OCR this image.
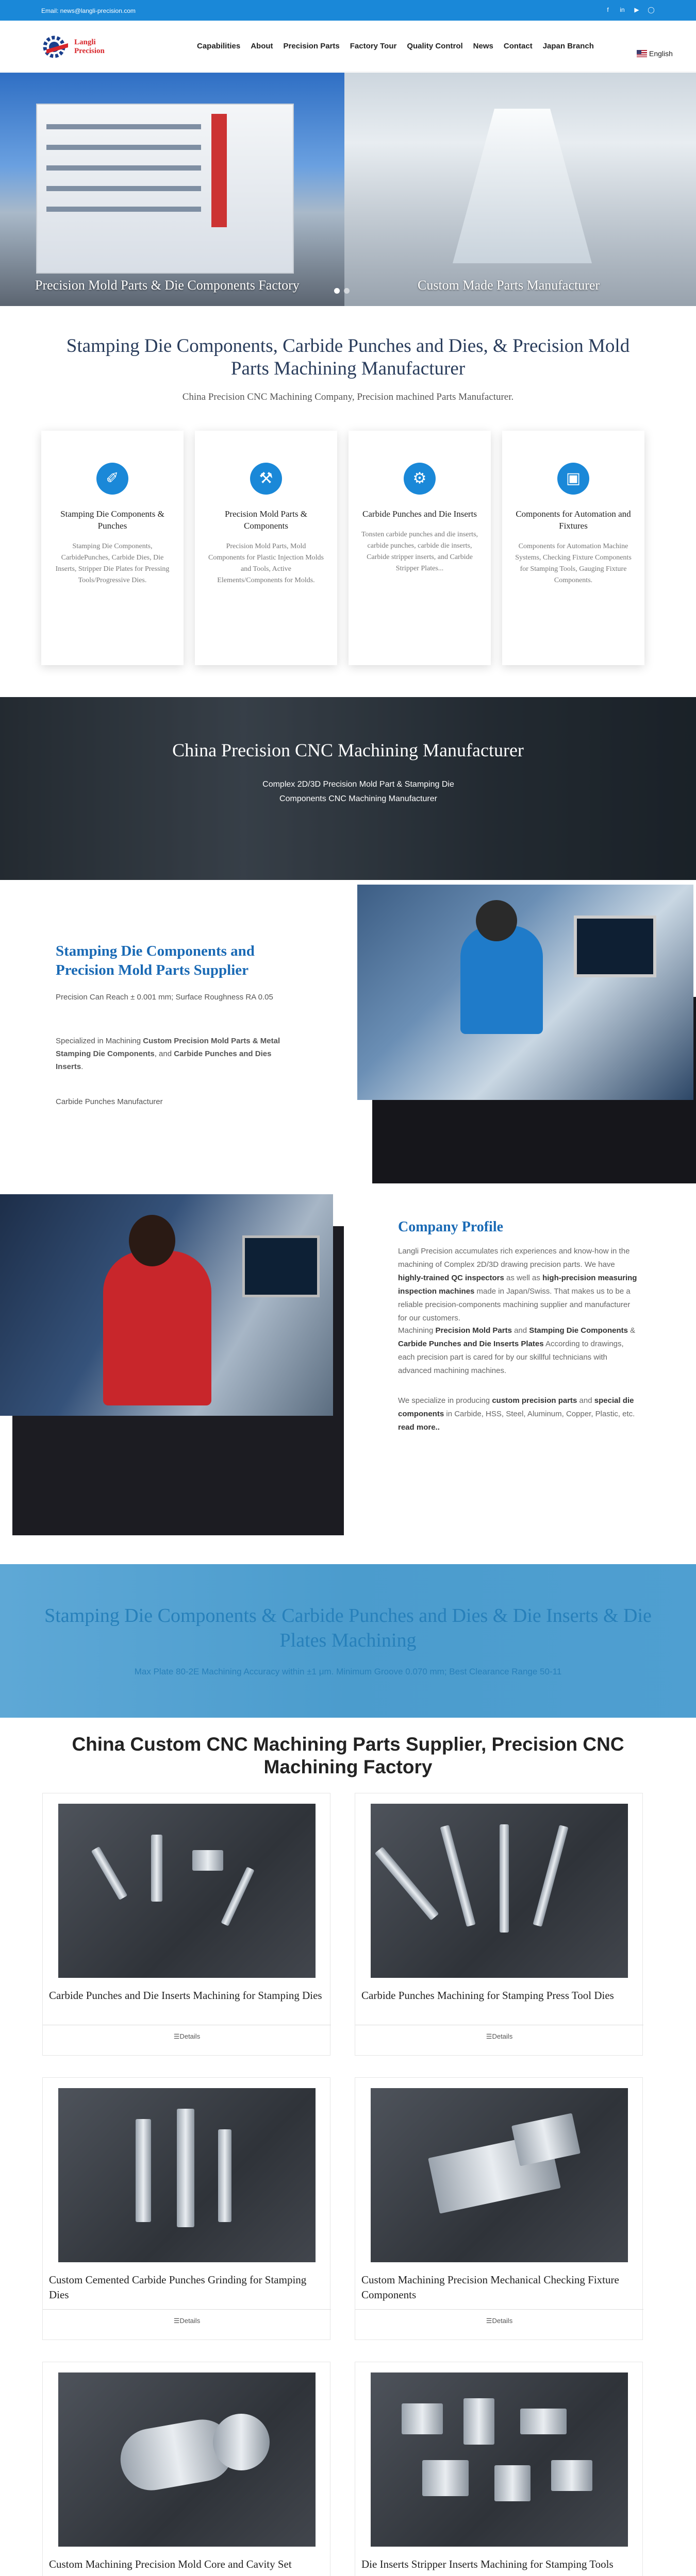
Email: news@langli-precision.com	f	in ▶ ◯
Langli
Precision
Capabilities	About	Precision Parts	Factory Tour	Quality Control	News	Contact	Japan Branch
English
Precision Mold Parts & Die Components Factory	Custom Made Parts Manufacturer
Stamping Die Components, Carbide Punches and Dies, & Precision Mold Parts Machining Manufacturer
China Precision CNC Machining Company, Precision machined Parts Manufacturer.
✐
Stamping Die Components & Punches

Stamping Die Components, CarbidePunches, Carbide Dies, Die Inserts, Stripper Die Plates for Pressing Tools/Progressive Dies.

⚒
Precision Mold Parts & Components

Precision Mold Parts, Mold Components for Plastic Injection Molds and Tools, Active Elements/Components for Molds.

⚙
Carbide Punches and Die Inserts

Tonsten carbide punches and die inserts, carbide punches, carbide die inserts, Carbide stripper inserts, and Carbide Stripper Plates...

▣
Components for Automation and Fixtures

Components for Automation Machine Systems, Checking Fixture Components for Stamping Tools, Gauging Fixture Components.

China Precision CNC Machining Manufacturer
Complex 2D/3D Precision Mold Part & Stamping Die Components CNC Machining Manufacturer
Stamping Die Components and Precision Mold Parts Supplier

Precision Can Reach ± 0.001 mm; Surface Roughness RA 0.05

Specialized in Machining Custom Precision Mold Parts & Metal Stamping Die Components, and Carbide Punches and Dies Inserts.

Carbide Punches Manufacturer

Company Profile

Langli Precision accumulates rich experiences and know-how in the machining of Complex 2D/3D drawing precision parts. We have highly-trained QC inspectors as well as high-precision measuring inspection machines made in Japan/Swiss. That makes us to be a reliable precision-components machining supplier and manufacturer for our customers.

Machining Precision Mold Parts and Stamping Die Components & Carbide Punches and Die Inserts Plates According to drawings, each precision part is cared for by our skillful technicians with advanced machining machines.

We specialize in producing custom precision parts and special die components in Carbide, HSS, Steel, Aluminum, Copper, Plastic, etc. read more..

Stamping Die Components & Carbide Punches and Dies & Die Inserts & Die Plates Machining
Max Plate 80-2E Machining Accuracy within ±1 μm. Minimum Groove 0.070 mm; Best Clearance Range 50-11
China Custom CNC Machining Parts Supplier, Precision CNC Machining Factory
Carbide Punches and Die Inserts Machining for Stamping Dies
☰Details
Carbide Punches Machining for Stamping Press Tool Dies
☰Details
Custom Cemented Carbide Punches Grinding for Stamping Dies
☰Details
Custom Machining Precision Mechanical Checking Fixture Components
☰Details
Custom Machining Precision Mold Core and Cavity Set	Die Inserts Stripper Inserts Machining for Stamping Tools
